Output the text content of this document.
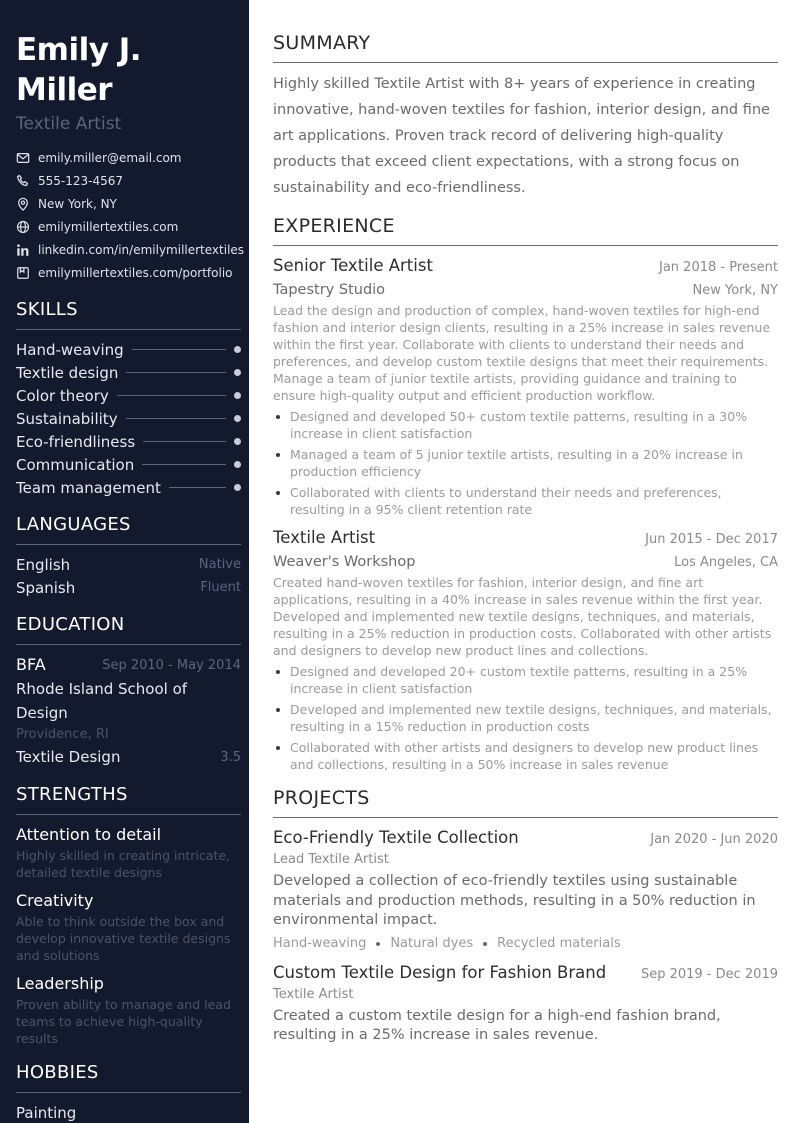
Emily J. Miller
Textile Artist
emily.miller@email.com
555-123-4567
New York, NY
emilymillertextiles.com
linkedin.com/in/emilymillertextiles
emilymillertextiles.com/portfolio
SKILLS
Hand-weaving
Textile design
Color theory
Sustainability
Eco-friendliness
Communication
Team management
LANGUAGES
English	Native
Spanish	Fluent
EDUCATION
BFA	Sep 2010 - May 2014
Rhode Island School of Design
Providence, RI
Textile Design	3.5
STRENGTHS
Attention to detail
Highly skilled in creating intricate, detailed textile designs
Creativity
Able to think outside the box and develop innovative textile designs and solutions
Leadership
Proven ability to manage and lead teams to achieve high-quality results
HOBBIES
Painting
SUMMARY
Highly skilled Textile Artist with 8+ years of experience in creating innovative, hand-woven textiles for fashion, interior design, and fine art applications. Proven track record of delivering high-quality products that exceed client expectations, with a strong focus on sustainability and eco-friendliness.
EXPERIENCE
Senior Textile Artist	Jan 2018 - Present
Tapestry Studio	New York, NY
Lead the design and production of complex, hand-woven textiles for high-end fashion and interior design clients, resulting in a 25% increase in sales revenue within the first year. Collaborate with clients to understand their needs and preferences, and develop custom textile designs that meet their requirements. Manage a team of junior textile artists, providing guidance and training to ensure high-quality output and efficient production workflow.
Designed and developed 50+ custom textile patterns, resulting in a 30% increase in client satisfaction
Managed a team of 5 junior textile artists, resulting in a 20% increase in production efficiency
Collaborated with clients to understand their needs and preferences, resulting in a 95% client retention rate
Textile Artist	Jun 2015 - Dec 2017
Weaver's Workshop	Los Angeles, CA
Created hand-woven textiles for fashion, interior design, and fine art applications, resulting in a 40% increase in sales revenue within the first year. Developed and implemented new textile designs, techniques, and materials, resulting in a 25% reduction in production costs. Collaborated with other artists and designers to develop new product lines and collections.
Designed and developed 20+ custom textile patterns, resulting in a 25% increase in client satisfaction
Developed and implemented new textile designs, techniques, and materials, resulting in a 15% reduction in production costs
Collaborated with other artists and designers to develop new product lines and collections, resulting in a 50% increase in sales revenue
PROJECTS
Eco-Friendly Textile Collection	Jan 2020 - Jun 2020
Lead Textile Artist
Developed a collection of eco-friendly textiles using sustainable materials and production methods, resulting in a 50% reduction in environmental impact.
Hand-weaving Natural dyes Recycled materials
Custom Textile Design for Fashion Brand	Sep 2019 - Dec 2019
Textile Artist
Created a custom textile design for a high-end fashion brand, resulting in a 25% increase in sales revenue.
